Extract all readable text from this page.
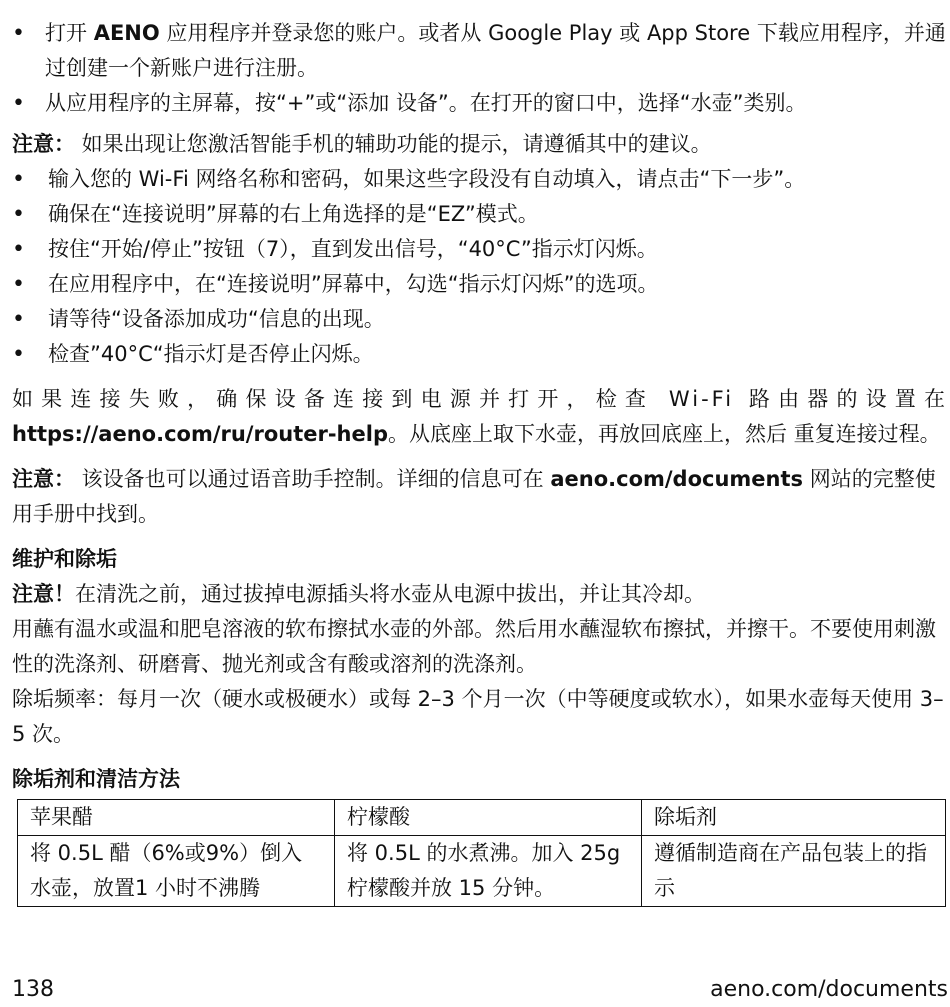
• 打开 AENO 应用程序并登录您的账户。或者从 Google Play 或 App Store 下载应用程序，并通过创建一个新账户进行注册。
• 从应用程序的主屏幕，按“+”或“添加 设备”。在打开的窗口中，选择“水壶”类别。

注意： 如果出现让您激活智能手机的辅助功能的提示，请遵循其中的建议。

• 输入您的 Wi-Fi 网络名称和密码，如果这些字段没有自动填入，请点击“下一步”。
• 确保在“连接说明”屏幕的右上角选择的是“EZ”模式。
• 按住“开始/停止”按钮（7），直到发出信号，“40°C”指示灯闪烁。
• 在应用程序中，在“连接说明”屏幕中，勾选“指示灯闪烁”的选项。
• 请等待“设备添加成功“信息的出现。
• 检查”40°C“指示灯是否停止闪烁。

如果连接失败，确保设备连接到电源并打开，检查 Wi-Fi 路由器的设置在 https://aeno.com/ru/router-help。从底座上取下水壶，再放回底座上，然后 重复连接过程。

注意： 该设备也可以通过语音助手控制。详细的信息可在 aeno.com/documents 网站的完整使用手册中找到。

维护和除垢

注意！在清洗之前，通过拔掉电源插头将水壶从电源中拔出，并让其冷却。

用蘸有温水或温和肥皂溶液的软布擦拭水壶的外部。然后用水蘸湿软布擦拭，并擦干。不要使用刺激性的洗涤剂、研磨膏、抛光剂或含有酸或溶剂的洗涤剂。

除垢频率：每月一次（硬水或极硬水）或每 2–3 个月一次（中等硬度或软水），如果水壶每天使用 3–5 次。

除垢剂和清洁方法

苹果醋	柠檬酸	除垢剂
将 0.5L 醋（6%或9%）倒入水壶，放置1 小时不沸腾	将 0.5L 的水煮沸。加入 25g 柠檬酸并放 15 分钟。	遵循制造商在产品包装上的指示
138	aeno.com/documents
